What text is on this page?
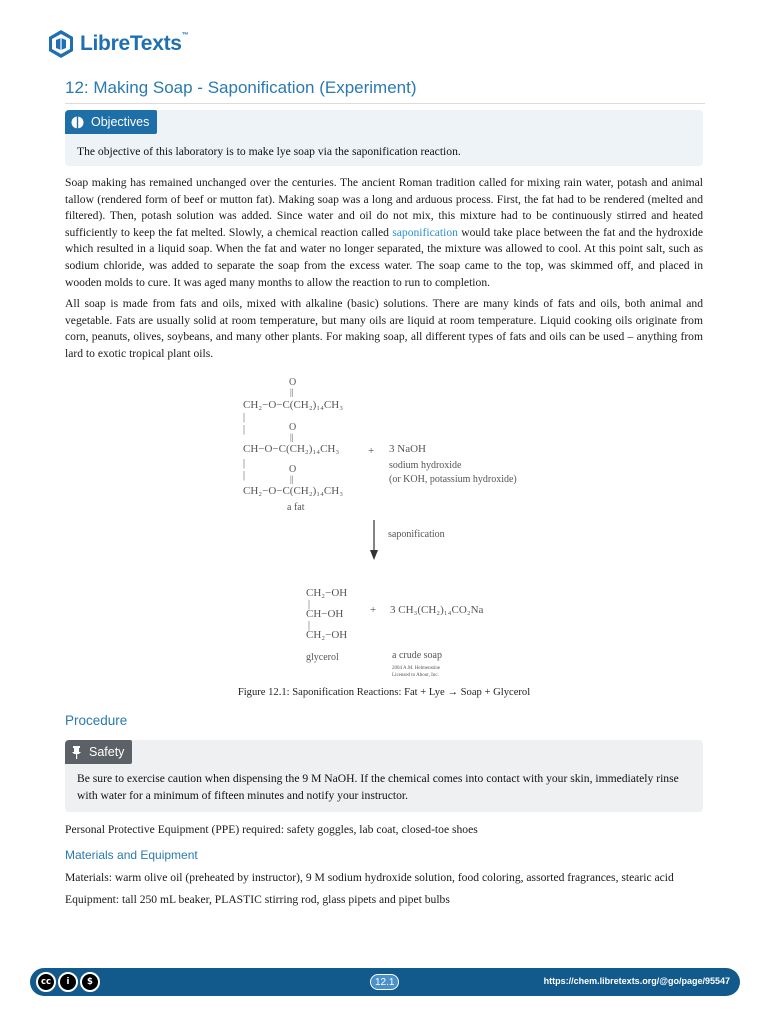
LibreTexts™
12: Making Soap - Saponification (Experiment)
Objectives
The objective of this laboratory is to make lye soap via the saponification reaction.

Soap making has remained unchanged over the centuries. The ancient Roman tradition called for mixing rain water, potash and animal tallow (rendered form of beef or mutton fat). Making soap was a long and arduous process. First, the fat had to be rendered (melted and filtered). Then, potash solution was added. Since water and oil do not mix, this mixture had to be continuously stirred and heated sufficiently to keep the fat melted. Slowly, a chemical reaction called saponification would take place between the fat and the hydroxide which resulted in a liquid soap. When the fat and water no longer separated, the mixture was allowed to cool. At this point salt, such as sodium chloride, was added to separate the soap from the excess water. The soap came to the top, was skimmed off, and placed in wooden molds to cure. It was aged many months to allow the reaction to run to completion.

All soap is made from fats and oils, mixed with alkaline (basic) solutions. There are many kinds of fats and oils, both animal and vegetable. Fats are usually solid at room temperature, but many oils are liquid at room temperature. Liquid cooking oils originate from corn, peanuts, olives, soybeans, and many other plants. For making soap, all different types of fats and oils can be used – anything from lard to exotic tropical plant oils.

O
||
CH₂−O−C(CH₂)₁₄CH₃
|
|	O
||
CH−O−C(CH₂)₁₄CH₃	+ 3 NaOH
sodium hydroxide
(or KOH, potassium hydroxide)
|
|
O
||
CH₂−O−C(CH₂)₁₄CH₃
a fat
saponification
CH₂−OH
|
CH−OH
|
CH₂−OH
+ 3 CH₃(CH₂)₁₄CO₂Na
glycerol	a crude soap
2004 A.M. Helmenstine
Licensed to About, Inc.
Figure 12.1: Saponification Reactions: Fat + Lye → Soap + Glycerol
Procedure
Safety
Be sure to exercise caution when dispensing the 9 M NaOH. If the chemical comes into contact with your skin, immediately rinse with water for a minimum of fifteen minutes and notify your instructor.
Personal Protective Equipment (PPE) required: safety goggles, lab coat, closed-toe shoes
Materials and Equipment
Materials: warm olive oil (preheated by instructor), 9 M sodium hydroxide solution, food coloring, assorted fragrances, stearic acid
Equipment: tall 250 mL beaker, PLASTIC stirring rod, glass pipets and pipet bulbs
cc	i	$	12.1	https://chem.libretexts.org/@go/page/95547
